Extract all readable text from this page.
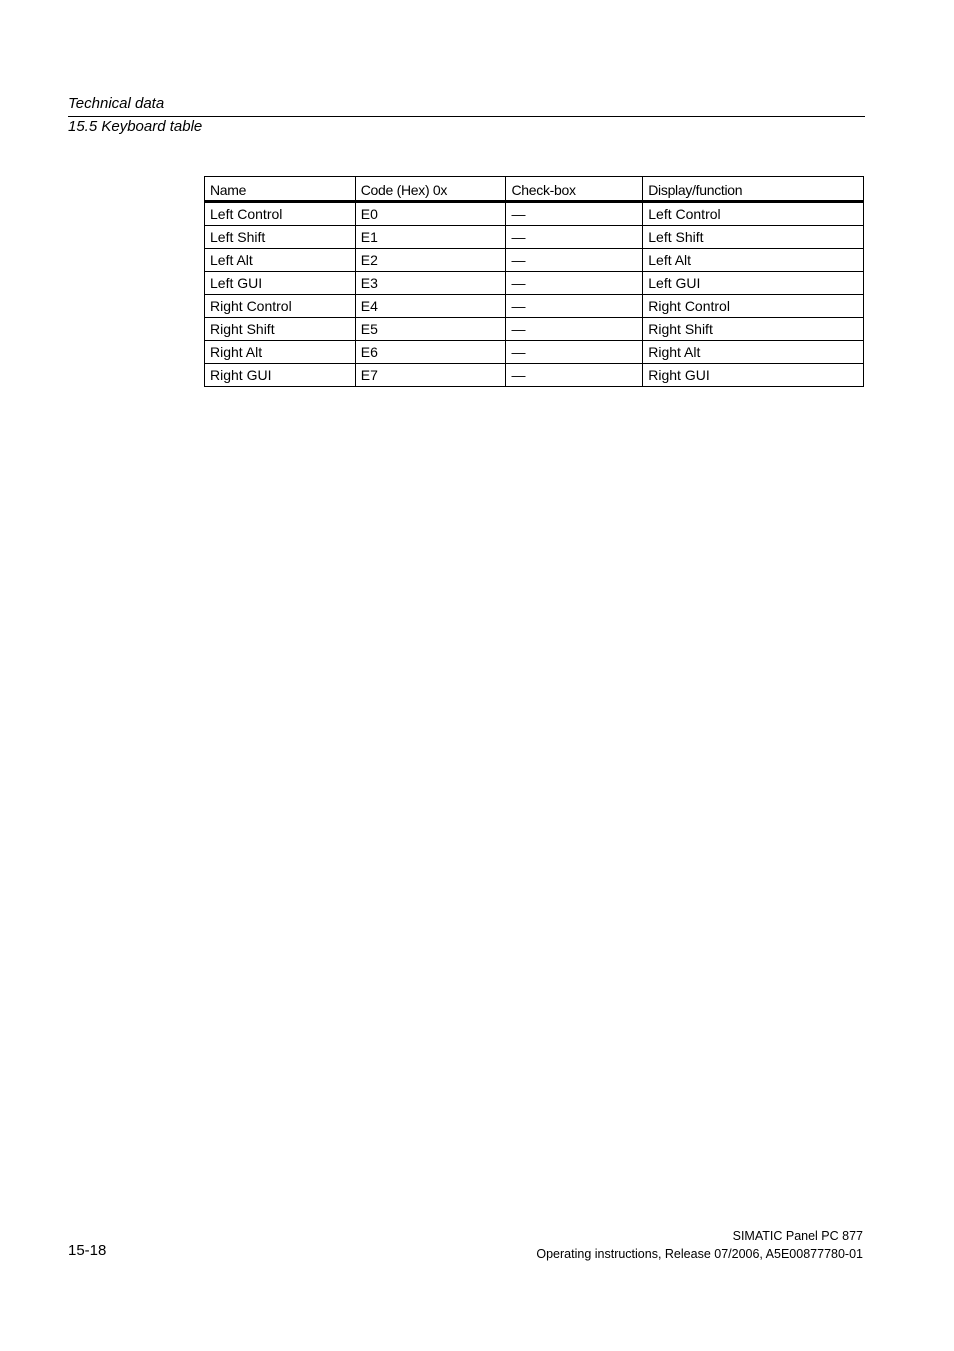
Technical data
15.5 Keyboard table
Name	Code (Hex) 0x	Check-box	Display/function
Left Control	E0	—	Left Control
Left Shift	E1	—	Left Shift
Left Alt	E2	—	Left Alt
Left GUI	E3	—	Left GUI
Right Control	E4	—	Right Control
Right Shift	E5	—	Right Shift
Right Alt	E6	—	Right Alt
Right GUI	E7	—	Right GUI
15-18
SIMATIC Panel PC 877
Operating instructions, Release 07/2006, A5E00877780-01
